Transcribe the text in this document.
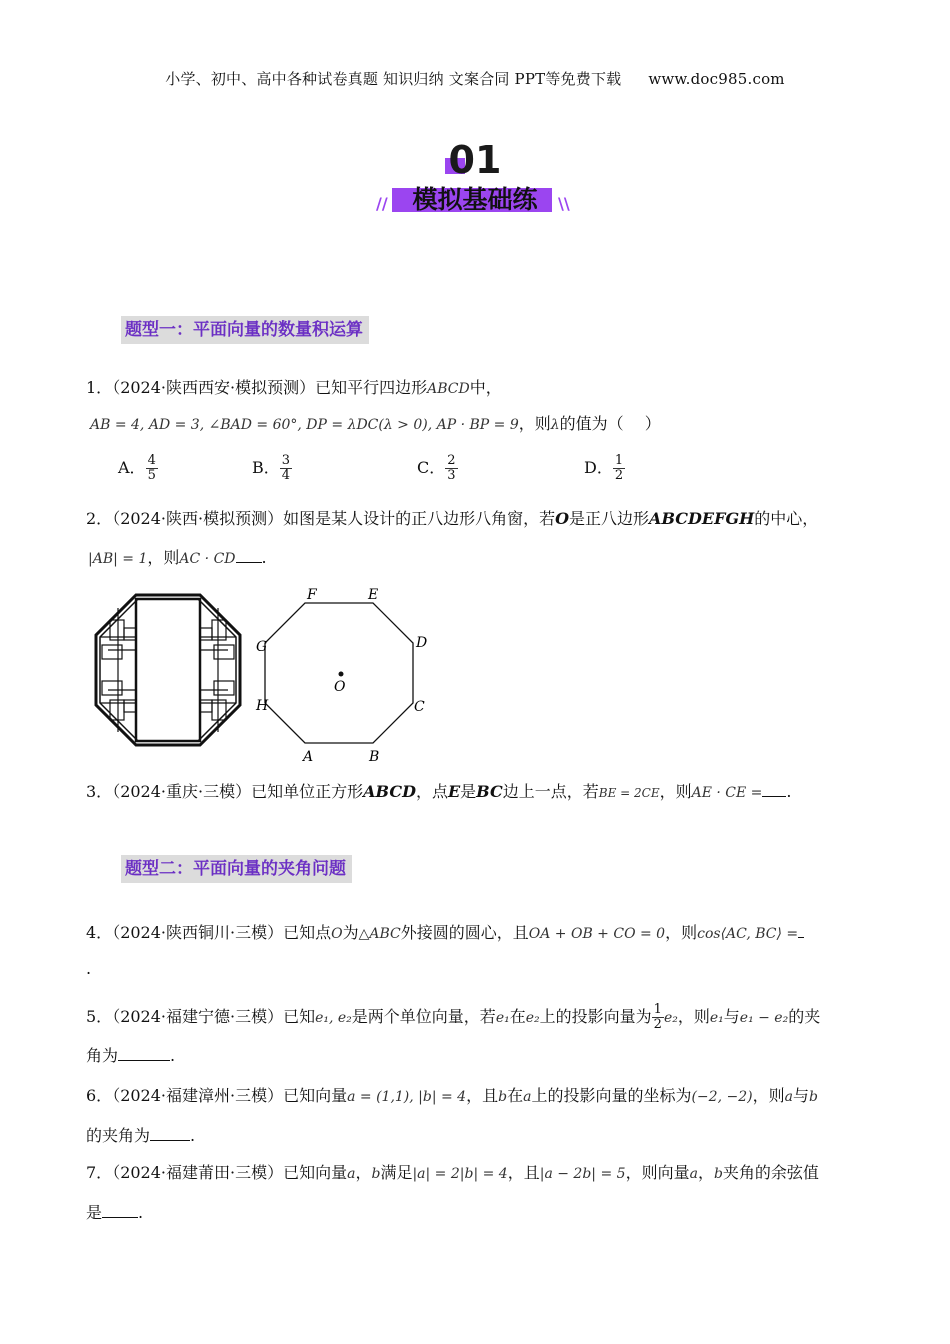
小学、初中、高中各种试卷真题 知识归纳 文案合同 PPT等免费下载 www.doc985.com
01
模拟基础练
//	\\
题型一：平面向量的数量积运算
1．（2024·陕西西安·模拟预测）已知平行四边形ABCD中，
AB = 4, AD = 3, ∠BAD = 60°, DP = λDC(λ > 0), AP · BP = 9，则λ的值为（　 ）
A． $\frac{4}{5}$	B． $\frac{3}{4}$	C． $\frac{2}{3}$	D． $\frac{1}{2}$
2．（2024·陕西·模拟预测）如图是某人设计的正八边形八角窗，若O是正八边形ABCDEFGH的中心，
|AB| = 1，则AC · CD .
F	E
D
G
O
H	C
A	B
3．（2024·重庆·三模）已知单位正方形ABCD，点E是BC边上一点，若BE = 2CE，则AE · CE = .
题型二：平面向量的夹角问题
4．（2024·陕西铜川·三模）已知点O为△ABC外接圆的圆心，且OA + OB + CO = 0，则cos⟨AC, BC⟩ =
.
5．（2024·福建宁德·三模）已知e₁, e₂是两个单位向量，若e₁在e₂上的投影向量为 $\frac{1}{2} e_2$，则e₁与e₁ − e₂的夹
角为	.
6．（2024·福建漳州·三模）已知向量a = (1,1), |b| = 4，且b在a上的投影向量的坐标为(−2, −2)，则a与b
的夹角为	.
7．（2024·福建莆田·三模）已知向量a，b满足|a| = 2|b| = 4，且|a − 2b| = 5，则向量a，b夹角的余弦值
是 .
